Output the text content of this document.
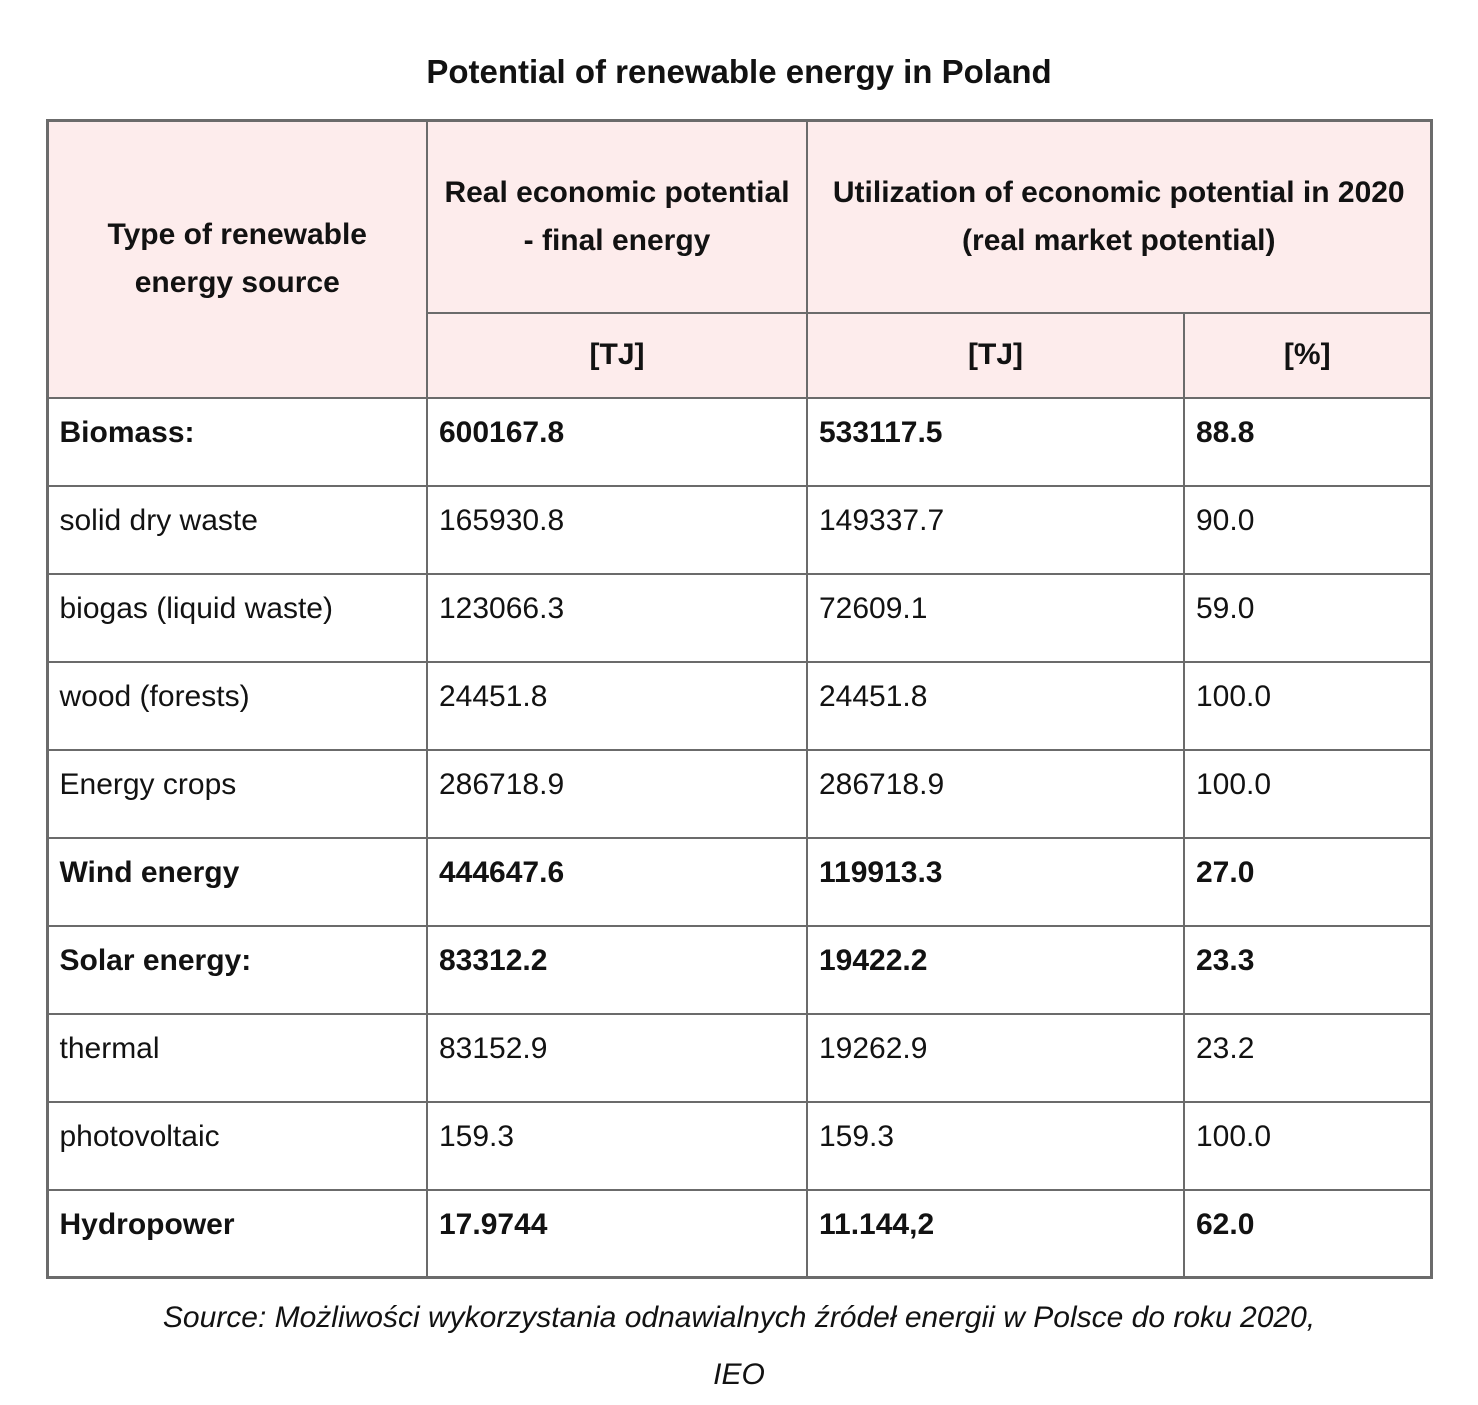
Potential of renewable energy in Poland
Type of renewable energy source	Real economic potential - final energy	Utilization of economic potential in 2020 (real market potential)	
	[TJ]	[TJ]	[%]
Biomass:	600167.8	533117.5	88.8
solid dry waste	165930.8	149337.7	90.0
biogas (liquid waste)	123066.3	72609.1	59.0
wood (forests)	24451.8	24451.8	100.0
Energy crops	286718.9	286718.9	100.0
Wind energy	444647.6	119913.3	27.0
Solar energy:	83312.2	19422.2	23.3
thermal	83152.9	19262.9	23.2
photovoltaic	159.3	159.3	100.0
Hydropower	17.9744	11.144,2	62.0

Source: Możliwości wykorzystania odnawialnych źródeł energii w Polsce do roku 2020,
IEO
